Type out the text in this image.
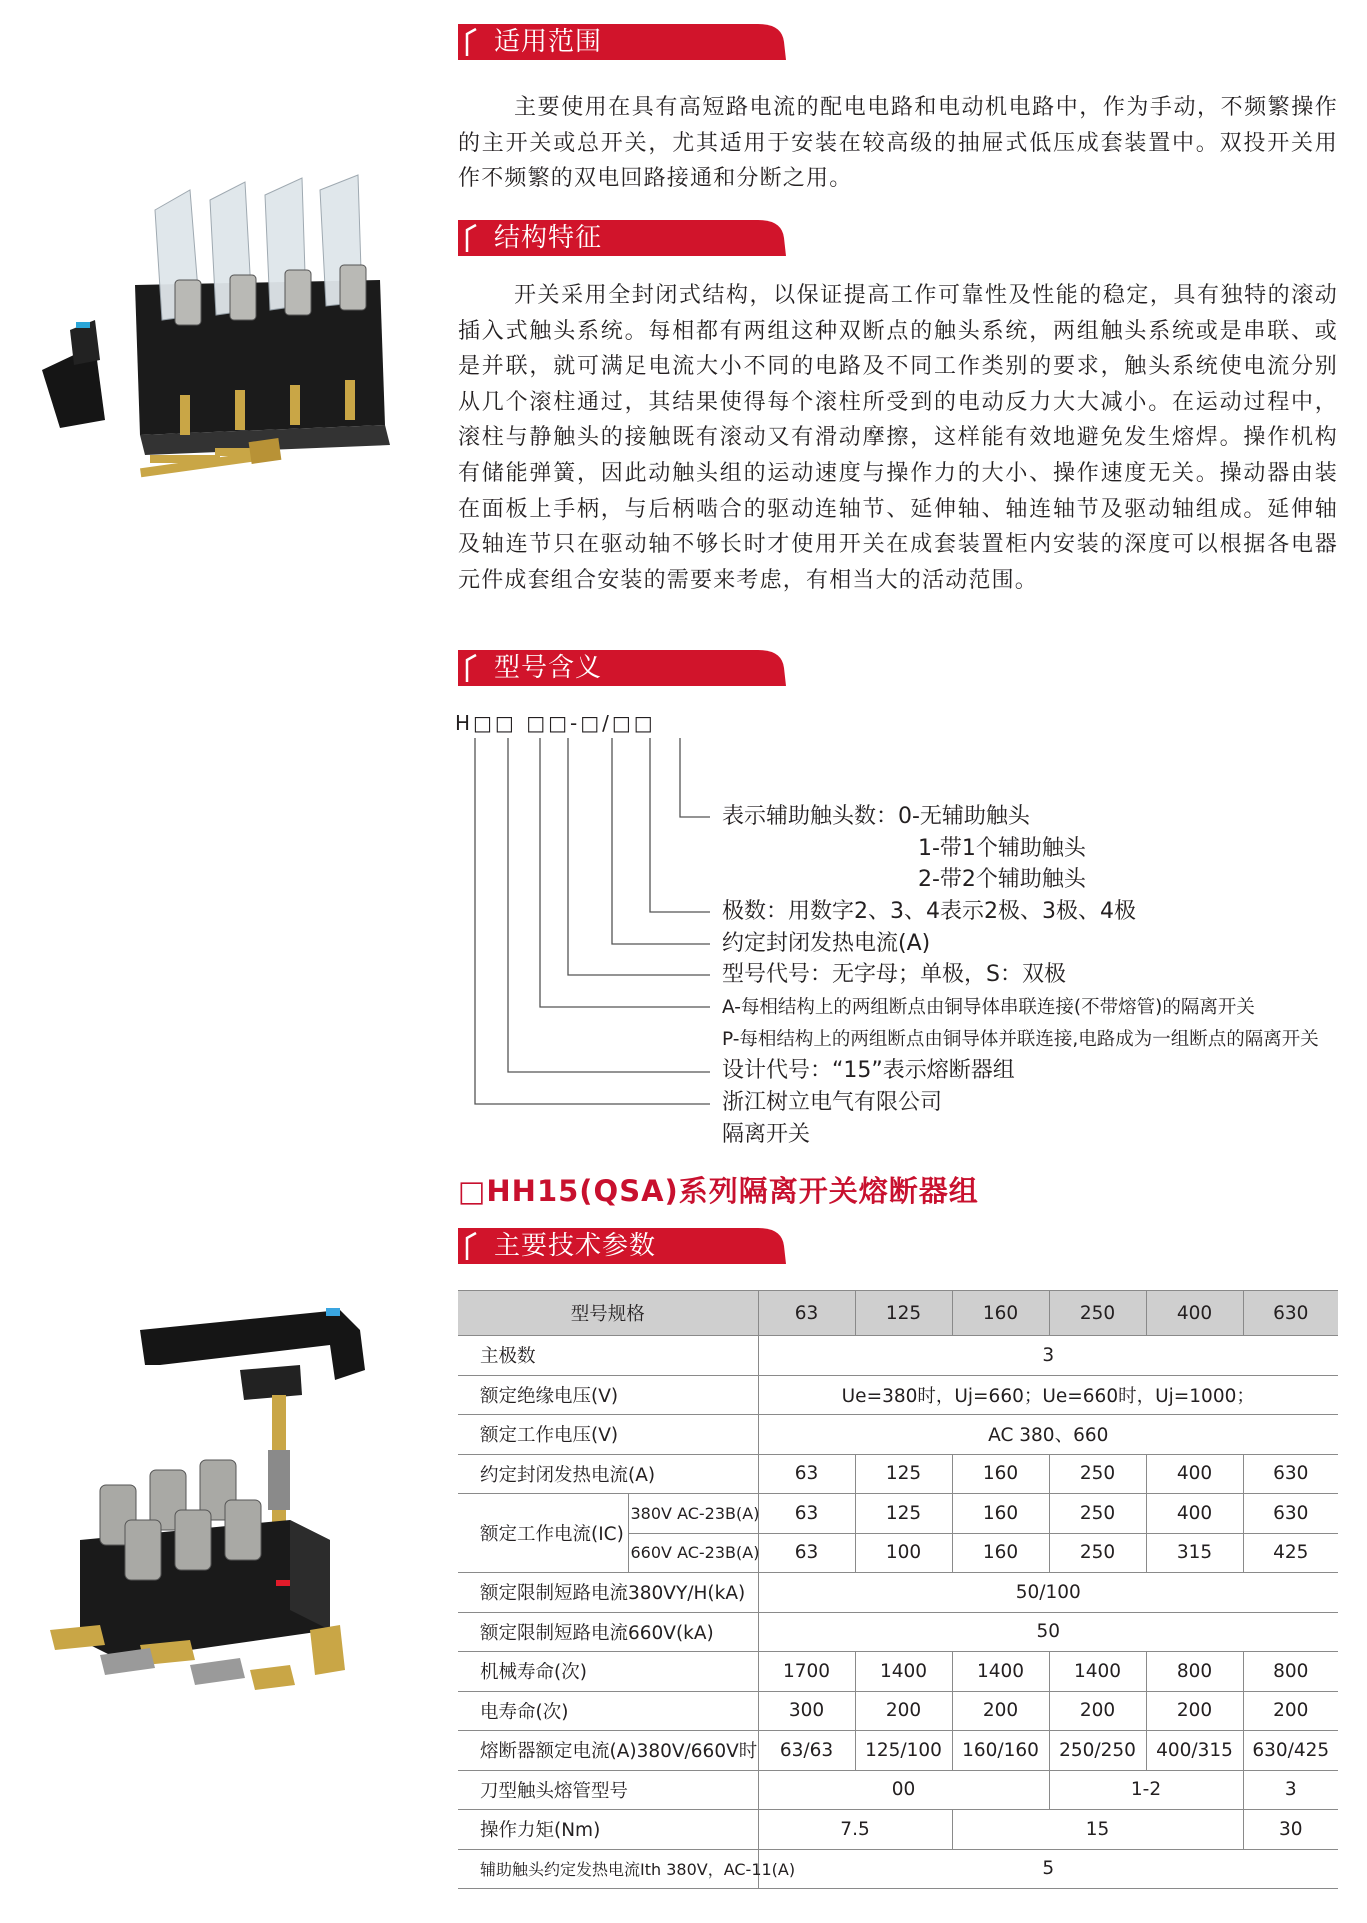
适用范围

主要使用在具有高短路电流的配电电路和电动机电路中，作为手动，不频繁操作的主开关或总开关，尤其适用于安装在较高级的抽屉式低压成套装置中。双投开关用作不频繁的双电回路接通和分断之用。

结构特征

开关采用全封闭式结构，以保证提高工作可靠性及性能的稳定，具有独特的滚动插入式触头系统。每相都有两组这种双断点的触头系统，两组触头系统或是串联、或是并联，就可满足电流大小不同的电路及不同工作类别的要求，触头系统使电流分别从几个滚柱通过，其结果使得每个滚柱所受到的电动反力大大减小。在运动过程中，滚柱与静触头的接触既有滚动又有滑动摩擦，这样能有效地避免发生熔焊。操作机构有储能弹簧，因此动触头组的运动速度与操作力的大小、操作速度无关。操动器由装在面板上手柄，与后柄啮合的驱动连轴节、延伸轴、轴连轴节及驱动轴组成。延伸轴及轴连节只在驱动轴不够长时才使用开关在成套装置柜内安装的深度可以根据各电器元件成套组合安装的需要来考虑，有相当大的活动范围。

型号含义
H□□ □□-□/□□
表示辅助触头数：0-无辅助触头
1-带1个辅助触头
2-带2个辅助触头
极数：用数字2、3、4表示2极、3极、4极
约定封闭发热电流(A)
型号代号：无字母；单极，S：双极
A-每相结构上的两组断点由铜导体串联连接(不带熔管)的隔离开关
P-每相结构上的两组断点由铜导体并联连接,电路成为一组断点的隔离开关
设计代号：“15”表示熔断器组
浙江树立电气有限公司
隔离开关
□HH15(QSA)系列隔离开关熔断器组
主要技术参数
型号规格		63	125	160	250	400	630
主极数		3					
额定绝缘电压(V)		Ue=380时，Uj=660；Ue=660时，Uj=1000；					
额定工作电压(V)		AC 380、660					
约定封闭发热电流(A)		63	125	160	250	400	630
额定工作电流(IC)	380V AC-23B(A)	63	125	160	250	400	630
	660V AC-23B(A)	63	100	160	250	315	425
额定限制短路电流380VY/H(kA)		50/100					
额定限制短路电流660V(kA)		50					
机械寿命(次)		1700	1400	1400	1400	800	800
电寿命(次)		300	200	200	200	200	200
熔断器额定电流(A)380V/660V时		63/63	125/100	160/160	250/250	400/315	630/425
刀型触头熔管型号		00			1-2		3
操作力矩(Nm)		7.5		15			30
辅助触头约定发热电流Ith 380V，AC-11(A)		5					
